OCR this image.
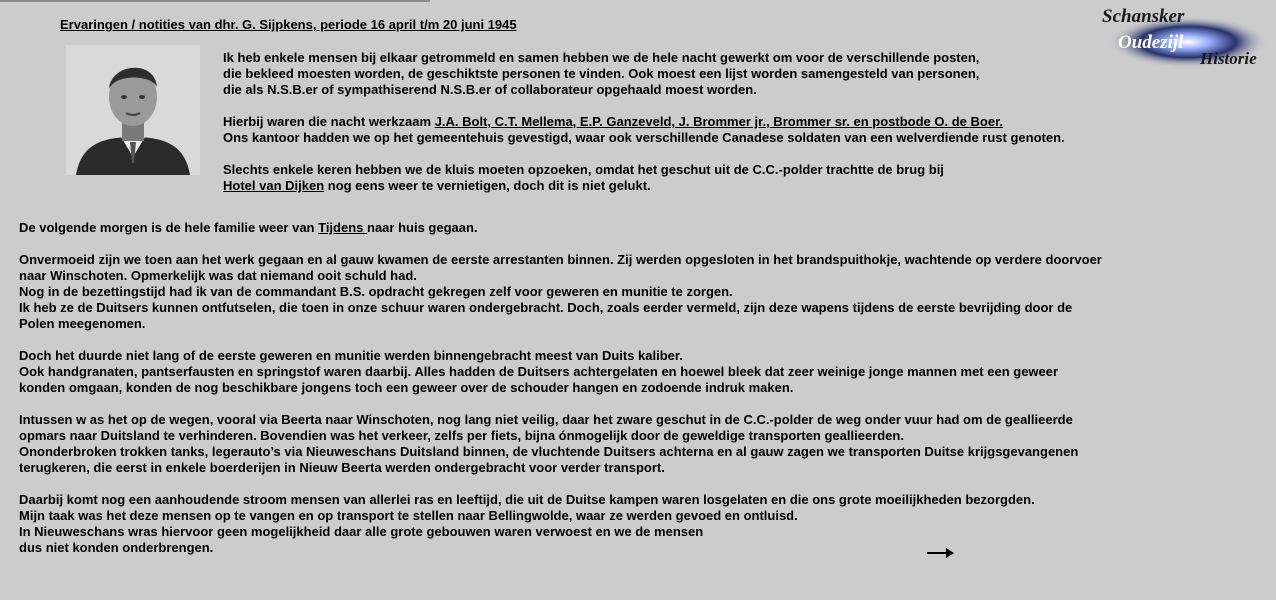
Ervaringen / notities van dhr. G. Sijpkens, periode 16 april t/m 20 juni 1945	Schansker
Oudezijl
Historie

Ik heb enkele mensen bij elkaar getrommeld en samen hebben we de hele nacht gewerkt om voor de verschillende posten,

die bekleed moesten worden, de geschiktste personen te vinden. Ook moest een lijst worden samengesteld van personen,

die als N.S.B.er of sympathiserend N.S.B.er of collaborateur opgehaald moest worden.

Hierbij waren die nacht werkzaam J.A. Bolt, C.T. Mellema, E.P. Ganzeveld, J. Brommer jr., Brommer sr. en postbode O. de Boer.

Ons kantoor hadden we op het gemeentehuis gevestigd, waar ook verschillende Canadese soldaten van een welverdiende rust genoten.

Slechts enkele keren hebben we de kluis moeten opzoeken, omdat het geschut uit de C.C.-polder trachtte de brug bij

Hotel van Dijken nog eens weer te vernietigen, doch dit is niet gelukt.

De volgende morgen is de hele familie weer van Tijdens naar huis gegaan.

Onvermoeid zijn we toen aan het werk gegaan en al gauw kwamen de eerste arrestanten binnen. Zij werden opgesloten in het brandspuithokje, wachtende op verdere doorvoer

naar Winschoten. Opmerkelijk was dat niemand ooit schuld had.

Nog in de bezettingstijd had ik van de commandant B.S. opdracht gekregen zelf voor geweren en munitie te zorgen.

Ik heb ze de Duitsers kunnen ontfutselen, die toen in onze schuur waren ondergebracht. Doch, zoals eerder vermeld, zijn deze wapens tijdens de eerste bevrijding door de

Polen meegenomen.

Doch het duurde niet lang of de eerste geweren en munitie werden binnengebracht meest van Duits kaliber.

Ook handgranaten, pantserfausten en springstof waren daarbij. Alles hadden de Duitsers achtergelaten en hoewel bleek dat zeer weinige jonge mannen met een geweer

konden omgaan, konden de nog beschikbare jongens toch een geweer over de schouder hangen en zodoende indruk maken.

Intussen w as het op de wegen, vooral via Beerta naar Winschoten, nog lang niet veilig, daar het zware geschut in de C.C.-polder de weg onder vuur had om de geallieerde

opmars naar Duitsland te verhinderen. Bovendien was het verkeer, zelfs per fiets, bijna ónmogelijk door de geweldige transporten geallieerden.

Ononderbroken trokken tanks, legerauto’s via Nieuweschans Duitsland binnen, de vluchtende Duitsers achterna en al gauw zagen we transporten Duitse krijgsgevangenen

terugkeren, die eerst in enkele boerderijen in Nieuw Beerta werden ondergebracht voor verder transport.

Daarbij komt nog een aanhoudende stroom mensen van allerlei ras en leeftijd, die uit de Duitse kampen waren losgelaten en die ons grote moeilijkheden bezorgden.

Mijn taak was het deze mensen op te vangen en op transport te stellen naar Bellingwolde, waar ze werden gevoed en ontluisd.

In Nieuweschans wras hiervoor geen mogelijkheid daar alle grote gebouwen waren verwoest en we de mensen

dus niet konden onderbrengen.
